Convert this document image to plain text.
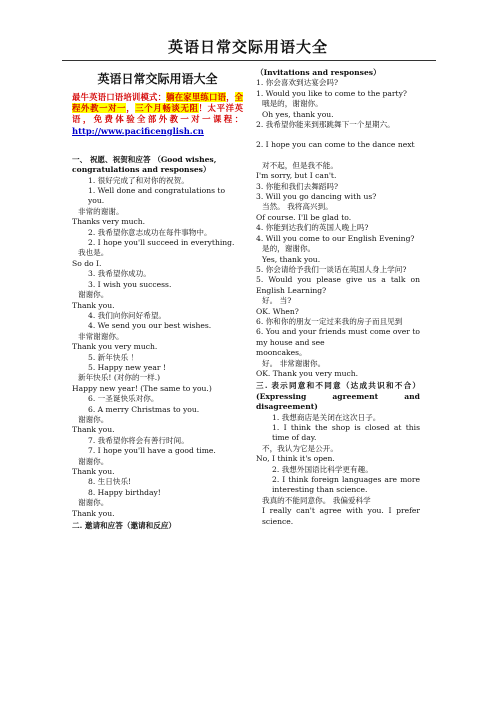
英语日常交际用语大全
英语日常交际用语大全
最牛英语口语培训模式：躺在家里练口语，全程外教一对一，三个月畅谈无阻！太平洋英语，免费体验全部外教一对一课程： http://www.pacificenglish.cn
一、 祝愿、祝贺和应答 （Good wishes, congratulations and responses）
1. 很好完成了和对你的祝贺。
1. Well done and congratulations to you.
非常的谢谢。
Thanks very much.
2. 我希望你意志成功在每件事物中。
2. I hope you'll succeed in everything.
我也是。
So do I.
3. 我希望你成功。
3. I wish you success.
谢谢你。
Thank you.
4. 我们向你问好希望。
4. We send you our best wishes.
非常谢谢你。
Thank you very much.
5. 新年快乐 ！
5. Happy new year !
新年快乐! (对你的一样.)
Happy new year! (The same to you.)
6. 一圣诞快乐对你。
6. A merry Christmas to you.
谢谢你。
Thank you.
7. 我希望你将会有善行时间。
7. I hope you'll have a good time.
谢谢你。
Thank you.
8. 生日快乐!
8. Happy birthday!
谢谢你。
Thank you.
二. 邀请和应答（邀请和反应）
（Invitations and responses）
1. 你会喜欢到达宴会吗?
1. Would you like to come to the party?
哦是的，谢谢你。
Oh yes, thank you.
2. 我希望你能来到那跳舞下一个星期六。
2. I hope you can come to the dance next
对不起，但是我不能。
I'm sorry, but I can't.
3. 你能和我们去舞蹈吗?
3. Will you go dancing with us?
当然。 我将高兴到。
Of course. I'll be glad to.
4. 你能到达我们的英国人晚上吗?
4. Will you come to our English Evening?
是的，谢谢你。
Yes, thank you.
5. 你会请给予我们一谈话在英国人身上学问?
5. Would you please give us a talk on English Learning?
好。 当?
OK. When?
6. 你和你的朋友一定过来我的房子而且见到
6. You and your friends must come over to my house and see
mooncakes。
好。 非常谢谢你。
OK. Thank you very much.
三. 表示同意和不同意（达成共识和不合）(Expressing agreement and disagreement)
1. 我想商店是关闭在这次日子。
1. I think the shop is closed at this time of day.
不，我认为它是公开。
No, I think it's open.
2. 我想外国语比科学更有趣。
2. I think foreign languages are more interesting than science.
我真的不能同意你。 我偏爱科学
I really can't agree with you. I prefer science.
